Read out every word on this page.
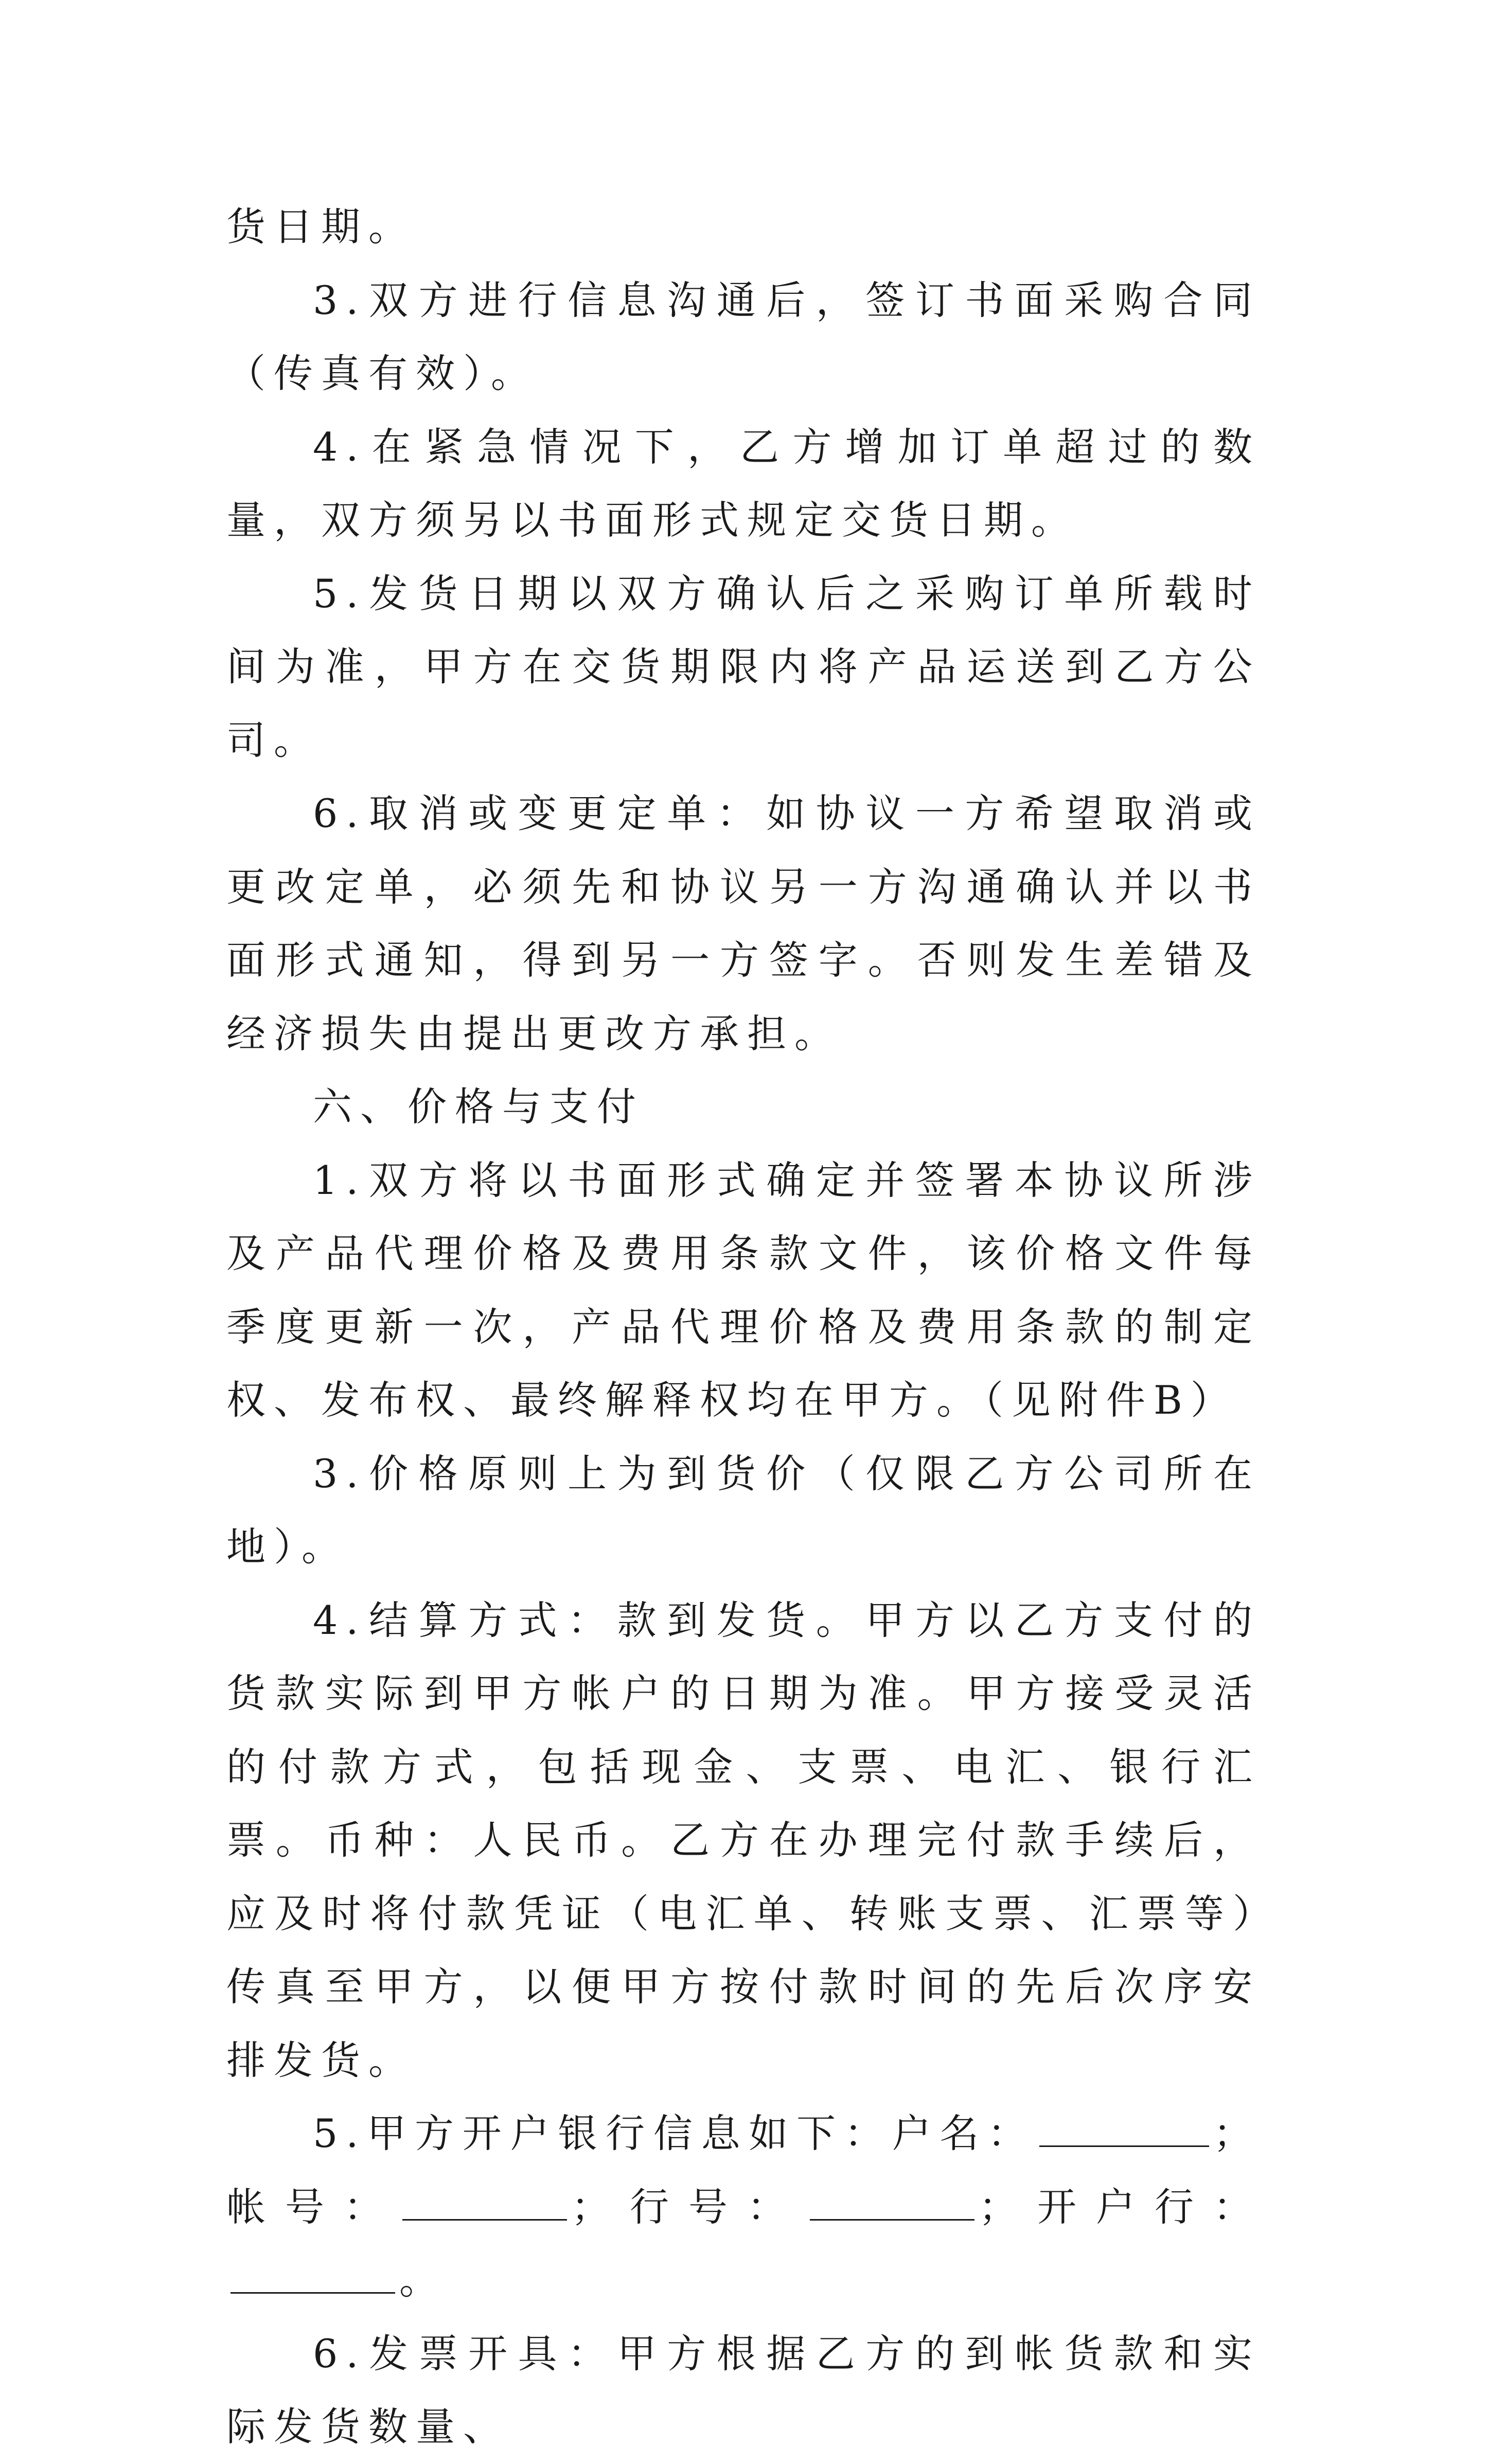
货日期。

3.双方进行信息沟通后，签订书面采购合同（传真有效）。

4.在紧急情况下，乙方增加订单超过的数量，双方须另以书面形式规定交货日期。

5.发货日期以双方确认后之采购订单所载时间为准，甲方在交货期限内将产品运送到乙方公司。

6.取消或变更定单：如协议一方希望取消或更改定单，必须先和协议另一方沟通确认并以书面形式通知，得到另一方签字。否则发生差错及经济损失由提出更改方承担。

六、价格与支付

1.双方将以书面形式确定并签署本协议所涉及产品代理价格及费用条款文件，该价格文件每季度更新一次，产品代理价格及费用条款的制定权、发布权、最终解释权均在甲方。（见附件B）

3.价格原则上为到货价（仅限乙方公司所在地）。

4.结算方式：款到发货。甲方以乙方支付的货款实际到甲方帐户的日期为准。甲方接受灵活的付款方式，包括现金、支票、电汇、银行汇票。币种：人民币。乙方在办理完付款手续后，应及时将付款凭证（电汇单、转账支票、汇票等）传真至甲方，以便甲方按付款时间的先后次序安排发货。

5.甲方开户银行信息如下：户名：	；帐号：	；行号：	；开户行：。

6.发票开具：甲方根据乙方的到帐货款和实际发货数量、
